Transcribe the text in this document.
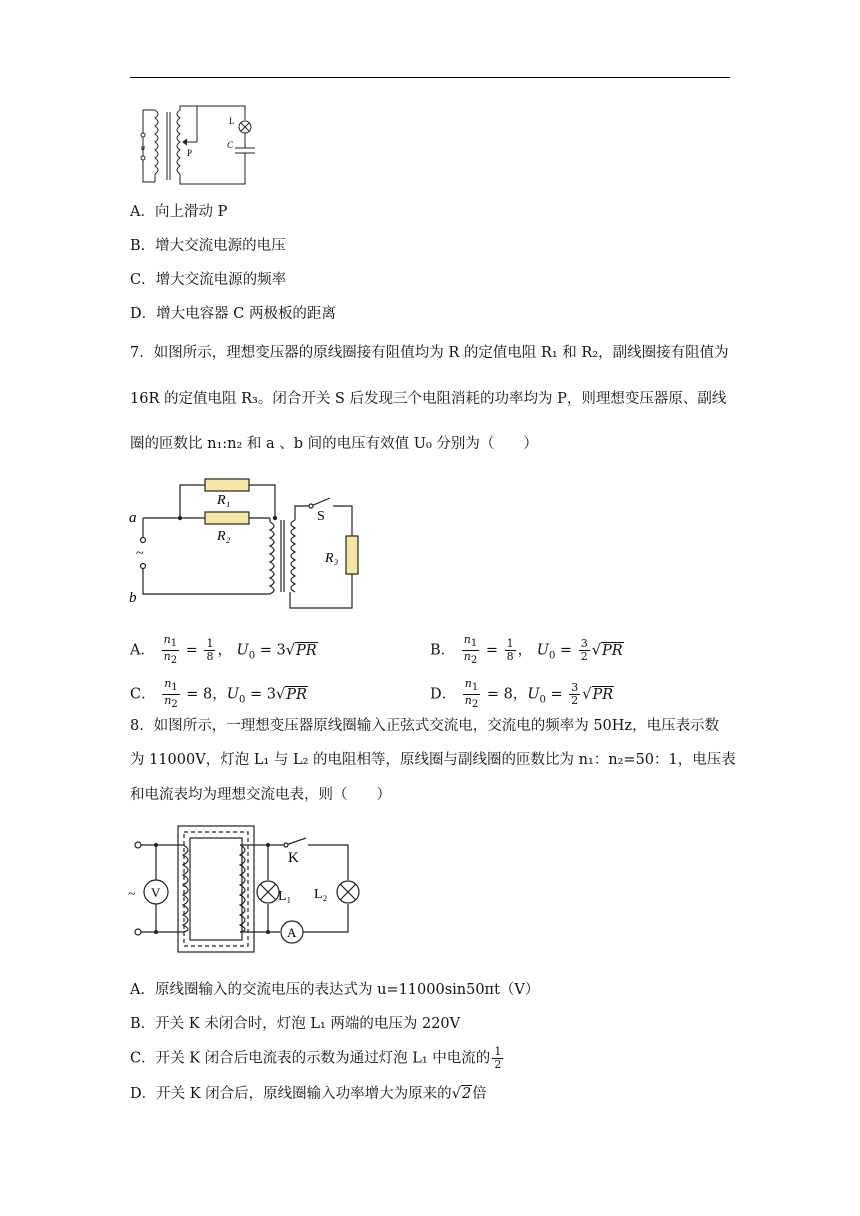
u
L
C
P
A．向上滑动 P
B．增大交流电源的电压
C．增大交流电源的频率
D．增大电容器 C 两极板的距离
7．如图所示，理想变压器的原线圈接有阻值均为 R 的定值电阻 R₁ 和 R₂，副线圈接有阻值为
16R 的定值电阻 R₃。闭合开关 S 后发现三个电阻消耗的功率均为 P，则理想变压器原、副线
圈的匝数比 n₁:n₂ 和 a 、b 间的电压有效值 U₀ 分别为（　　）
a
b
~
R₁
R₂
R₃
S
A． $\frac{n_1}{n_2} = \frac{1}{8}$ ， $U_0 = 3√PR$	B． $\frac{n_1}{n_2} = \frac{1}{8}$ ， $U_0 = \frac{3}{2} √PR$
C． $\frac{n_1}{n_2} = 8$，$U_0 = 3√PR$	D． $\frac{n_1}{n_2} = 8$，$U_0 = \frac{3}{2} √PR$
8．如图所示，一理想变压器原线圈输入正弦式交流电，交流电的频率为 50Hz，电压表示数
为 11000V，灯泡 L₁ 与 L₂ 的电阻相等，原线圈与副线圈的匝数比为 n₁：n₂=50：1，电压表
和电流表均为理想交流电表，则（　　）
~ V
A
K
L₁ L₂
A．原线圈输入的交流电压的表达式为 u=11000sin50πt（V）
B．开关 K 未闭合时，灯泡 L₁ 两端的电压为 220V
C．开关 K 闭合后电流表的示数为通过灯泡 L₁ 中电流的 $\frac{1}{2}$
D．开关 K 闭合后，原线圈输入功率增大为原来的√2倍
